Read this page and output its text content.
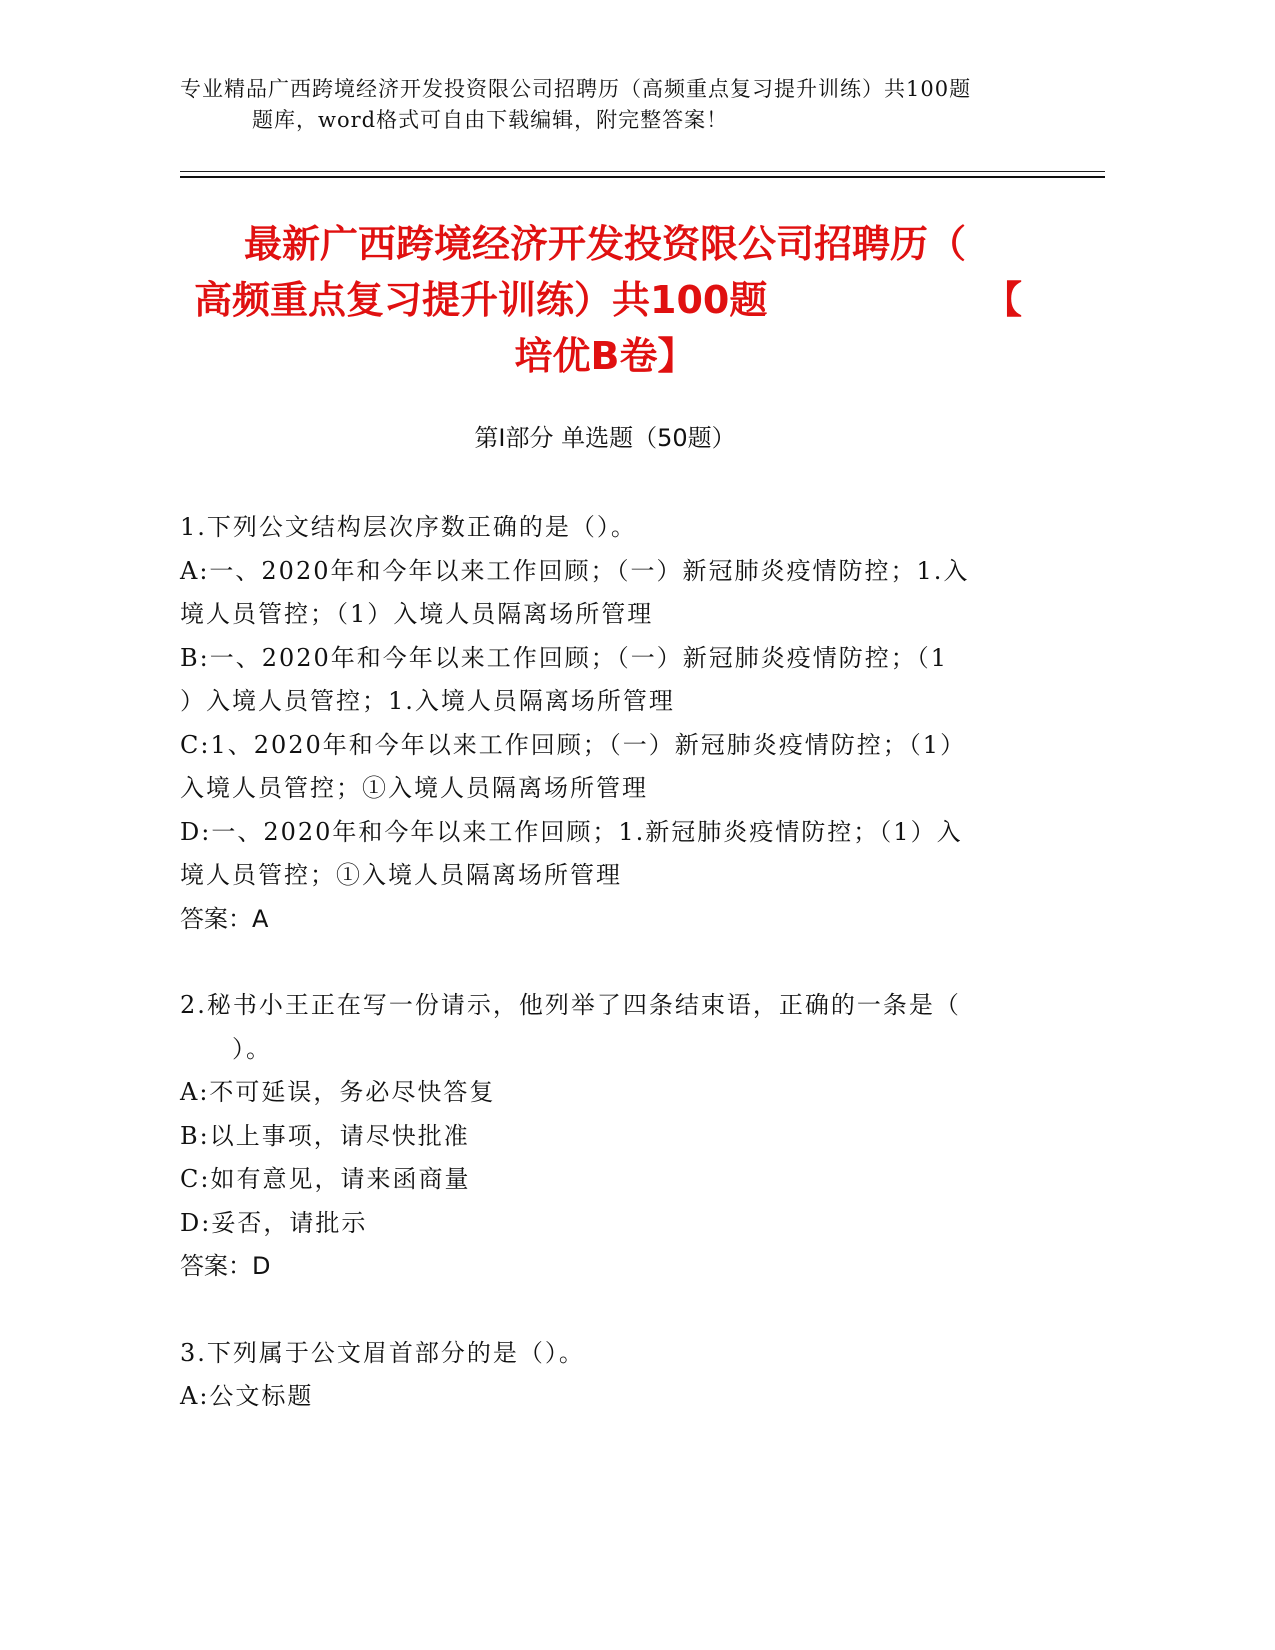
专业精品广西跨境经济开发投资限公司招聘历（高频重点复习提升训练）共100题
题库，word格式可自由下载编辑，附完整答案！
最新广西跨境经济开发投资限公司招聘历（
高频重点复习提升训练）共100题	【
培优B卷】
第I部分 单选题（50题）
1.下列公文结构层次序数正确的是（）。
A:一、2020年和今年以来工作回顾；（一）新冠肺炎疫情防控；1.入
境人员管控；（1）入境人员隔离场所管理
B:一、2020年和今年以来工作回顾；（一）新冠肺炎疫情防控；（1
）入境人员管控；1.入境人员隔离场所管理
C:1、2020年和今年以来工作回顾；（一）新冠肺炎疫情防控；（1）
入境人员管控；①入境人员隔离场所管理
D:一、2020年和今年以来工作回顾；1.新冠肺炎疫情防控；（1）入
境人员管控；①入境人员隔离场所管理
答案：A
2.秘书小王正在写一份请示，他列举了四条结束语，正确的一条是（
）。
A:不可延误，务必尽快答复
B:以上事项，请尽快批准
C:如有意见，请来函商量
D:妥否，请批示
答案：D
3.下列属于公文眉首部分的是（）。
A:公文标题
